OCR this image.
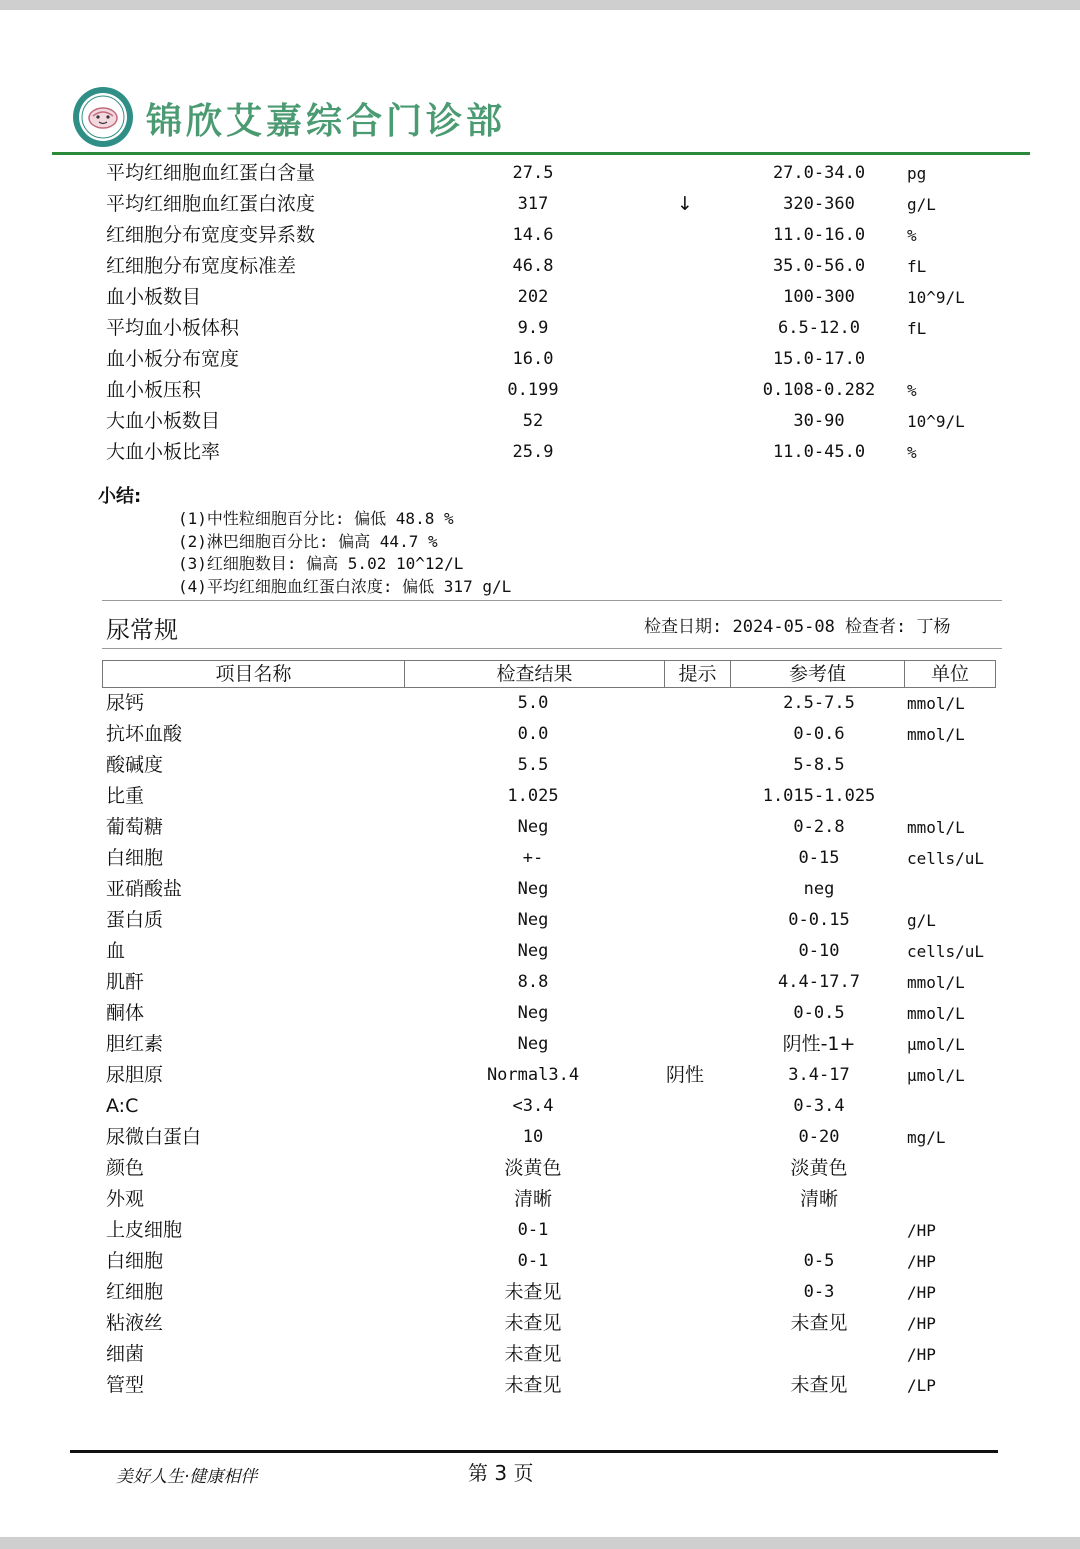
锦欣艾嘉综合门诊部
平均红细胞血红蛋白含量	27.5	27.0-34.0	pg
平均红细胞血红蛋白浓度	317	↓	320-360	g/L
红细胞分布宽度变异系数	14.6	11.0-16.0	%
红细胞分布宽度标准差	46.8	35.0-56.0	fL
血小板数目	202	100-300	10^9/L
平均血小板体积	9.9	6.5-12.0	fL
血小板分布宽度	16.0	15.0-17.0
血小板压积	0.199	0.108-0.282	%
大血小板数目	52	30-90	10^9/L
大血小板比率	25.9	11.0-45.0	%
小结:
(1)中性粒细胞百分比: 偏低 48.8 %
(2)淋巴细胞百分比: 偏高 44.7 %
(3)红细胞数目: 偏高 5.02 10^12/L
(4)平均红细胞血红蛋白浓度: 偏低 317 g/L
尿常规	检查日期: 2024-05-08 检查者: 丁杨
项目名称	检查结果	提示	参考值	单位
尿钙	5.0	2.5-7.5	mmol/L
抗坏血酸	0.0	0-0.6	mmol/L
酸碱度	5.5	5-8.5
比重	1.025	1.015-1.025
葡萄糖	Neg	0-2.8	mmol/L
白细胞	+-	0-15	cells/uL
亚硝酸盐	Neg	neg
蛋白质	Neg	0-0.15	g/L
血	Neg	0-10	cells/uL
肌酐	8.8	4.4-17.7	mmol/L
酮体	Neg	0-0.5	mmol/L
胆红素	Neg	阴性-1+	μmol/L
尿胆原	Normal3.4	阴性	3.4-17	μmol/L
A:C	<3.4	0-3.4
尿微白蛋白	10	0-20	mg/L
颜色	淡黄色	淡黄色
外观	清晰	清晰
上皮细胞	0-1	/HP
白细胞	0-1	0-5	/HP
红细胞	未查见	0-3	/HP
粘液丝	未查见	未查见	/HP
细菌	未查见	/HP
管型	未查见	未查见	/LP
美好人生·健康相伴	第 3 页
